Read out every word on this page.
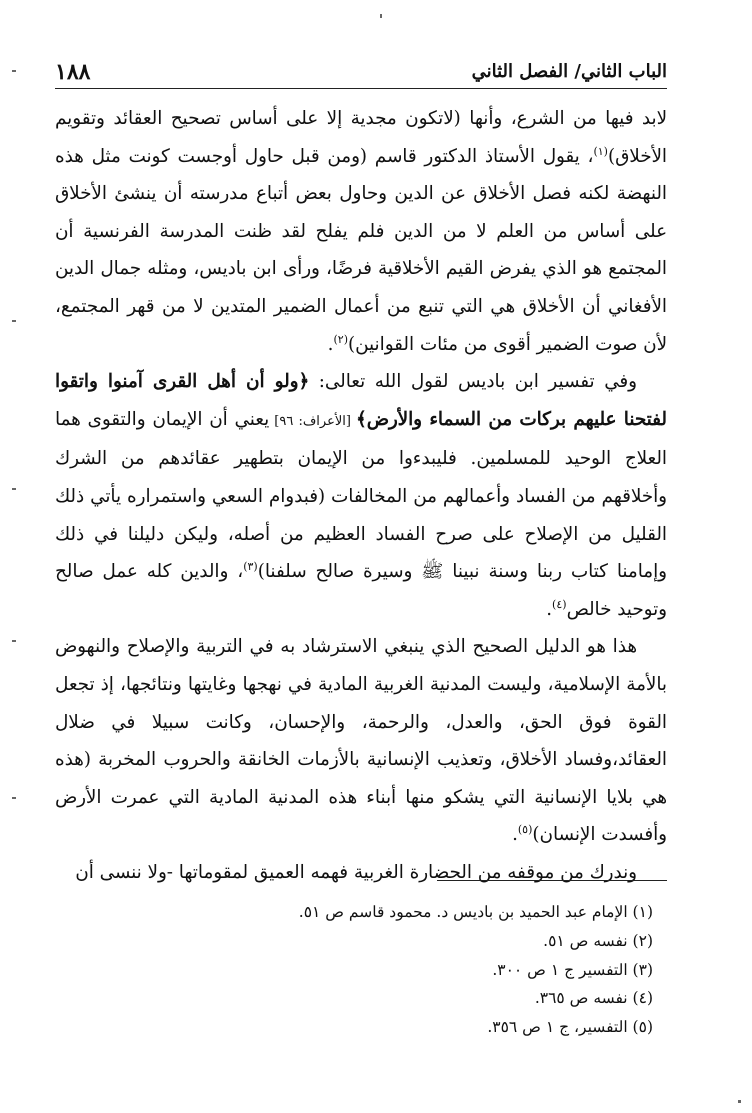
الباب الثاني/ الفصل الثاني
١٨٨

لابد فيها من الشرع، وأنها (لاتكون مجدية إلا على أساس تصحيح العقائد وتقويم الأخلاق)$^{(١)}$، يقول الأستاذ الدكتور قاسم (ومن قبل حاول أوجست كونت مثل هذه النهضة لكنه فصل الأخلاق عن الدين وحاول بعض أتباع مدرسته أن ينشئ الأخلاق على أساس من العلم لا من الدين فلم يفلح لقد ظنت المدرسة الفرنسية أن المجتمع هو الذي يفرض القيم الأخلاقية فرضًا، ورأى ابن باديس، ومثله جمال الدين الأفغاني أن الأخلاق هي التي تنبع من أعمال الضمير المتدين لا من قهر المجتمع، لأن صوت الضمير أقوى من مئات القوانين)$^{(٢)}$.

وفي تفسير ابن باديس لقول الله تعالى: ﴿ولو أن أهل القرى آمنوا واتقوا لفتحنا عليهم بركات من السماء والأرض﴾ [الأعراف: ٩٦] يعني أن الإيمان والتقوى هما العلاج الوحيد للمسلمين. فليبدءوا من الإيمان بتطهير عقائدهم من الشرك وأخلاقهم من الفساد وأعمالهم من المخالفات (فبدوام السعي واستمراره يأتي ذلك القليل من الإصلاح على صرح الفساد العظيم من أصله، وليكن دليلنا في ذلك وإمامنا كتاب ربنا وسنة نبينا ﷺ وسيرة صالح سلفنا)$^{(٣)}$، والدين كله عمل صالح وتوحيد خالص$^{(٤)}$.

هذا هو الدليل الصحيح الذي ينبغي الاسترشاد به في التربية والإصلاح والنهوض بالأمة الإسلامية، وليست المدنية الغربية المادية في نهجها وغايتها ونتائجها، إذ تجعل القوة فوق الحق، والعدل، والرحمة، والإحسان، وكانت سبيلا في ضلال العقائد،وفساد الأخلاق، وتعذيب الإنسانية بالأزمات الخانقة والحروب المخربة (هذه هي بلايا الإنسانية التي يشكو منها أبناء هذه المدنية المادية التي عمرت الأرض وأفسدت الإنسان)$^{(٥)}$.

وندرك من موقفه من الحضارة الغربية فهمه العميق لمقوماتها -ولا ننسى أن

(١) الإمام عبد الحميد بن باديس د. محمود قاسم ص ٥١.
(٢) نفسه ص ٥١.
(٣) التفسير ج ١ ص ٣٠٠.
(٤) نفسه ص ٣٦٥.
(٥) التفسير، ج ١ ص ٣٥٦.
